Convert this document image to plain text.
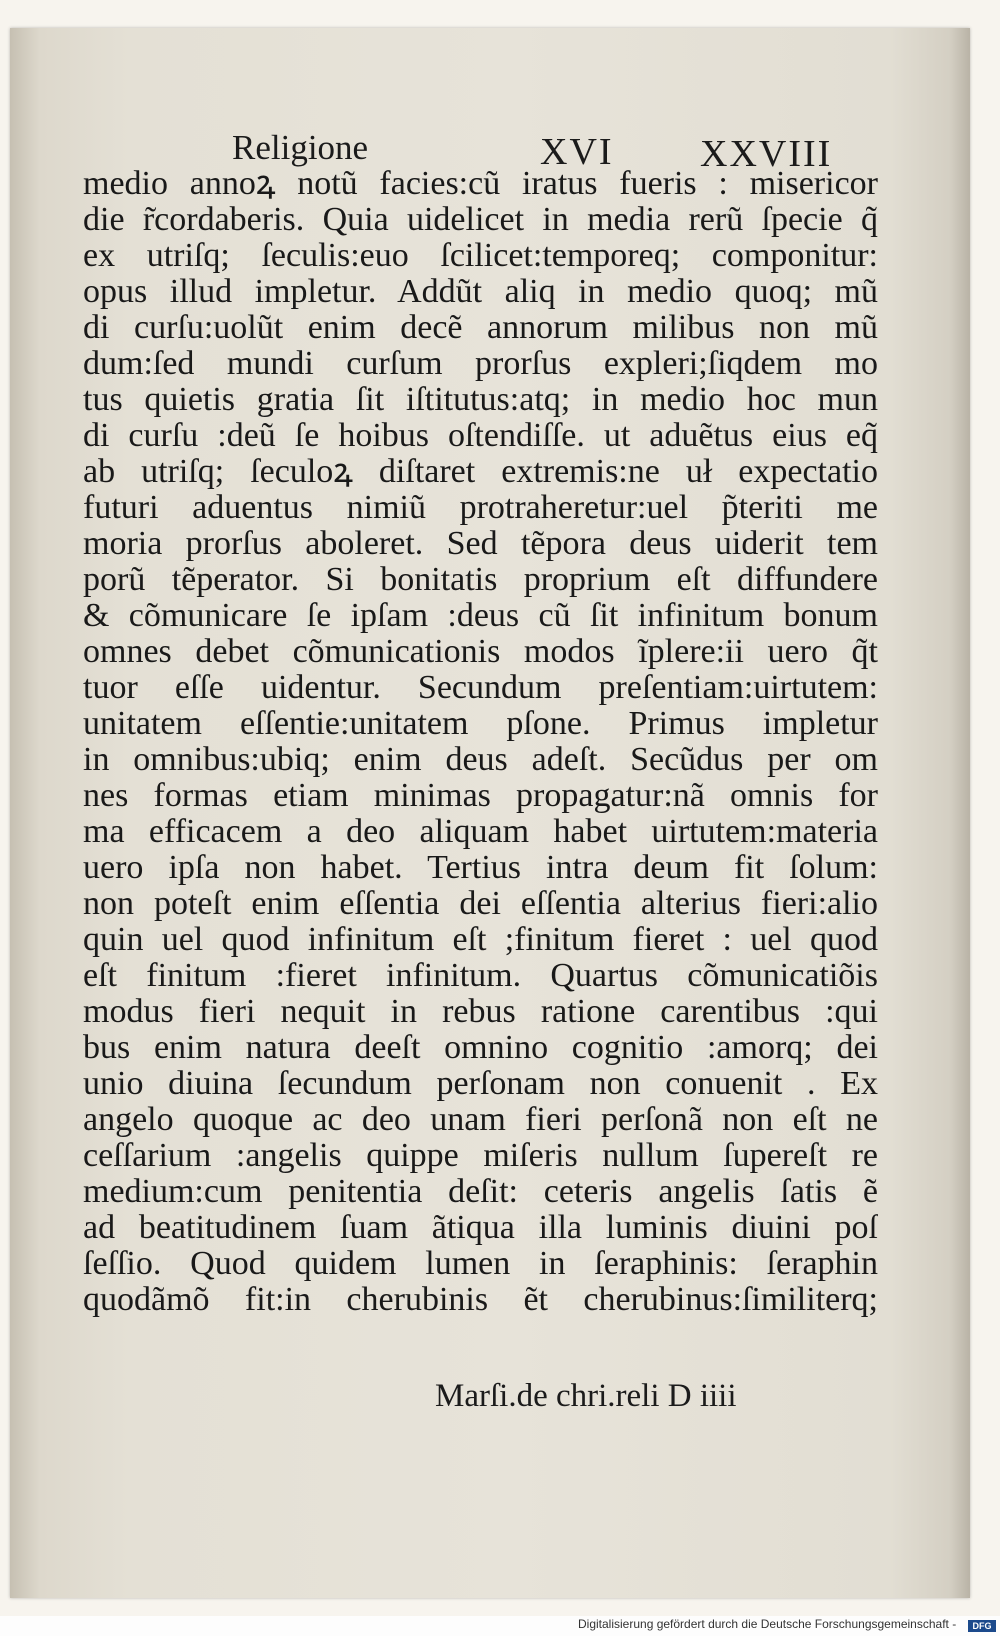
Religione	XVI XXVIII
medio annoꝝ notũ facies:cũ iratus fueris : misericor
die r̃cordaberis. Quia uidelicet in media rerũ ſpecie q̃
ex utriſq; ſeculis:euo ſcilicet:temporeq; componitur:
opus illud impletur. Addũt aliq in medio quoq; mũ
di curſu:uolũt enim decẽ annorum milibus non mũ
dum:ſed mundi curſum prorſus expleri;ſiqdem mo
tus quietis gratia ſit iſtitutus:atq; in medio hoc mun
di curſu :deũ ſe hoibus oſtendiſſe. ut aduẽtus eius eq̃
ab utriſq; ſeculoꝝ diſtaret extremis:ne uł expectatio
futuri aduentus nimiũ protraheretur:uel p̃teriti me
moria prorſus aboleret. Sed tẽpora deus uiderit tem
porũ tẽperator. Si bonitatis proprium eſt diffundere
& cõmunicare ſe ipſam :deus cũ ſit infinitum bonum
omnes debet cõmunicationis modos ĩplere:ii uero q̃t
tuor eſſe uidentur. Secundum preſentiam:uirtutem:
unitatem eſſentie:unitatem pſone. Primus impletur
in omnibus:ubiq; enim deus adeſt. Secũdus per om
nes formas etiam minimas propagatur:nã omnis for
ma efficacem a deo aliquam habet uirtutem:materia
uero ipſa non habet. Tertius intra deum fit ſolum:
non poteſt enim eſſentia dei eſſentia alterius fieri:alio
quin uel quod infinitum eſt ;finitum fieret : uel quod
eſt finitum :fieret infinitum. Quartus cõmunicatiõis
modus fieri nequit in rebus ratione carentibus :qui
bus enim natura deeſt omnino cognitio :amorq; dei
unio diuina ſecundum perſonam non conuenit . Ex
angelo quoque ac deo unam fieri perſonã non eſt ne
ceſſarium :angelis quippe miſeris nullum ſupereſt re
medium:cum penitentia deſit: ceteris angelis ſatis ẽ
ad beatitudinem ſuam ãtiqua illa luminis diuini poſ
ſeſſio. Quod quidem lumen in ſeraphinis: ſeraphin
quodãmõ fit:in cherubinis ẽt cherubinus:ſimiliterq;
Marſi.de chri.reli D iiii
Digitalisierung gefördert durch die Deutsche Forschungsgemeinschaft -	DFG
